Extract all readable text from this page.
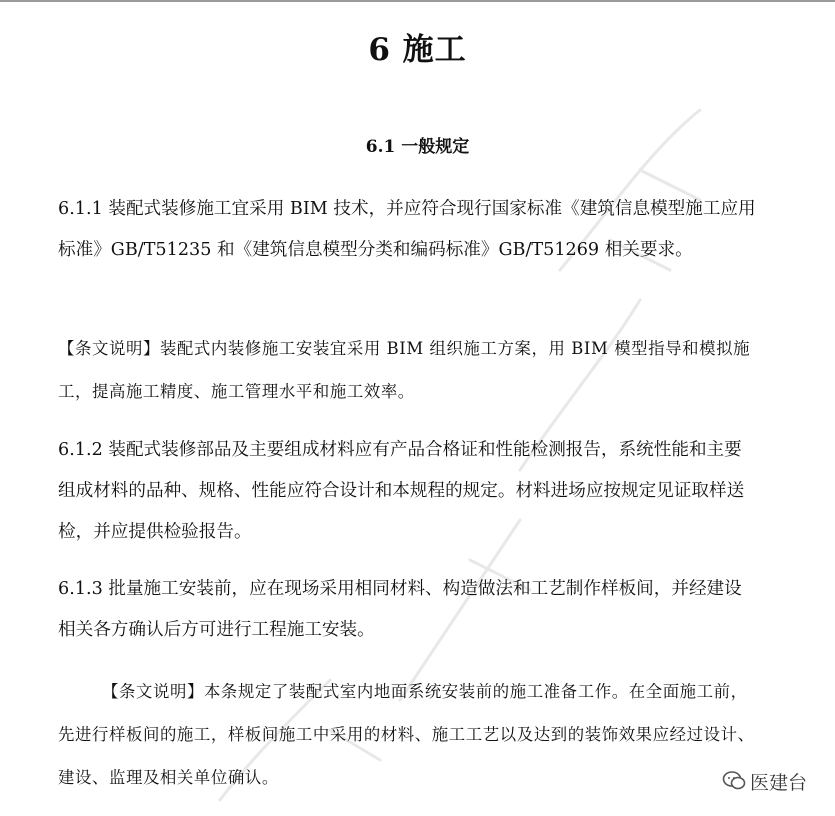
6 施工
6.1 一般规定

6.1.1 装配式装修施工宜采用 BIM 技术，并应符合现行国家标准《建筑信息模型施工应用标准》GB/T51235 和《建筑信息模型分类和编码标准》GB/T51269 相关要求。

【条文说明】装配式内装修施工安装宜采用 BIM 组织施工方案，用 BIM 模型指导和模拟施工，提高施工精度、施工管理水平和施工效率。

6.1.2 装配式装修部品及主要组成材料应有产品合格证和性能检测报告，系统性能和主要组成材料的品种、规格、性能应符合设计和本规程的规定。材料进场应按规定见证取样送检，并应提供检验报告。

6.1.3 批量施工安装前，应在现场采用相同材料、构造做法和工艺制作样板间，并经建设相关各方确认后方可进行工程施工安装。

【条文说明】本条规定了装配式室内地面系统安装前的施工准备工作。在全面施工前，先进行样板间的施工，样板间施工中采用的材料、施工工艺以及达到的装饰效果应经过设计、建设、监理及相关单位确认。	医建台
